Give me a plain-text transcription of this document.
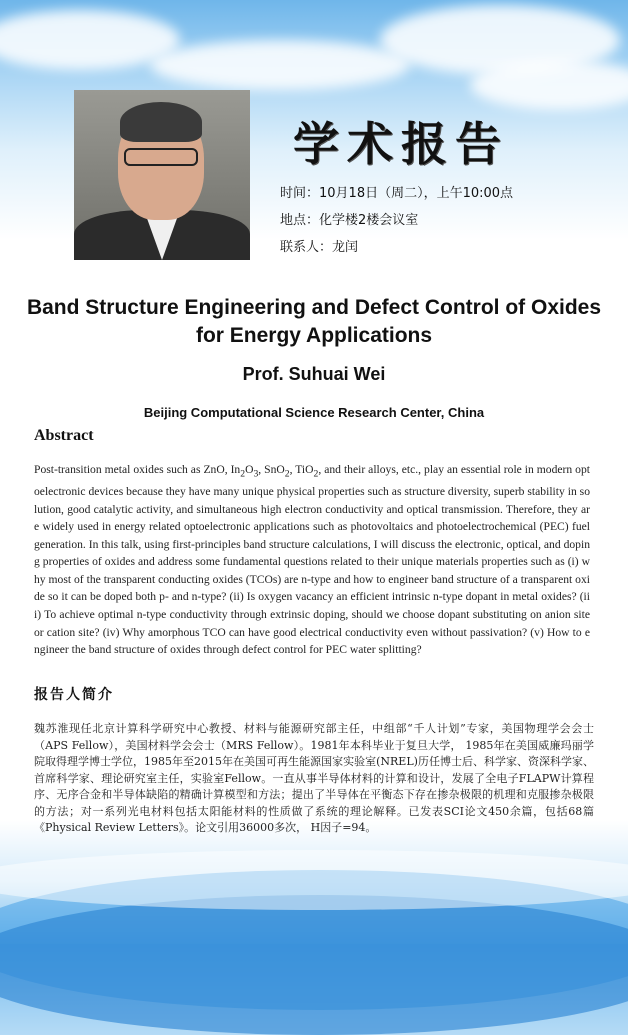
学术报告
时间：10月18日（周二），上午10:00点
地点：化学楼2楼会议室
联系人：龙闰
Band Structure Engineering and Defect Control of Oxides for Energy Applications
Prof. Suhuai Wei
Beijing Computational Science Research Center, China
Abstract
Post-transition metal oxides such as ZnO, $In_2O_3$, SnO$_2$, TiO$_2$, and their alloys, etc., play an essential role in modern optoelectronic devices because they have many unique physical properties such as structure diversity, superb stability in solution, good catalytic activity, and simultaneous high electron conductivity and optical transmission. Therefore, they are widely used in energy related optoelectronic applications such as photovoltaics and photoelectrochemical (PEC) fuel generation. In this talk, using first-principles band structure calculations, I will discuss the electronic, optical, and doping properties of oxides and address some fundamental questions related to their unique materials properties such as (i) why most of the transparent conducting oxides (TCOs) are n-type and how to engineer band structure of a transparent oxide so it can be doped both p- and n-type? (ii) Is oxygen vacancy an efficient intrinsic n-type dopant in metal oxides? (iii) To achieve optimal n-type conductivity through extrinsic doping, should we choose dopant substituting on anion site or cation site? (iv) Why amorphous TCO can have good electrical conductivity even without passivation? (v) How to engineer the band structure of oxides through defect control for PEC water splitting?
报告人简介
魏苏淮现任北京计算科学研究中心教授、材料与能源研究部主任，中组部“千人计划”专家，美国物理学会会士（APS Fellow），美国材料学会会士（MRS Fellow）。1981年本科毕业于复旦大学， 1985年在美国威廉玛丽学院取得理学博士学位，1985年至2015年在美国可再生能源国家实验室(NREL)历任博士后、科学家、资深科学家、首席科学家、理论研究室主任，实验室Fellow。一直从事半导体材料的计算和设计，发展了全电子FLAPW计算程序、无序合金和半导体缺陷的精确计算模型和方法；提出了半导体在平衡态下存在掺杂极限的机理和克服掺杂极限的方法；对一系列光电材料包括太阳能材料的性质做了系统的理论解释。已发表SCI论文450余篇，包括68篇《Physical Review Letters》。论文引用36000多次， H因子=94。
